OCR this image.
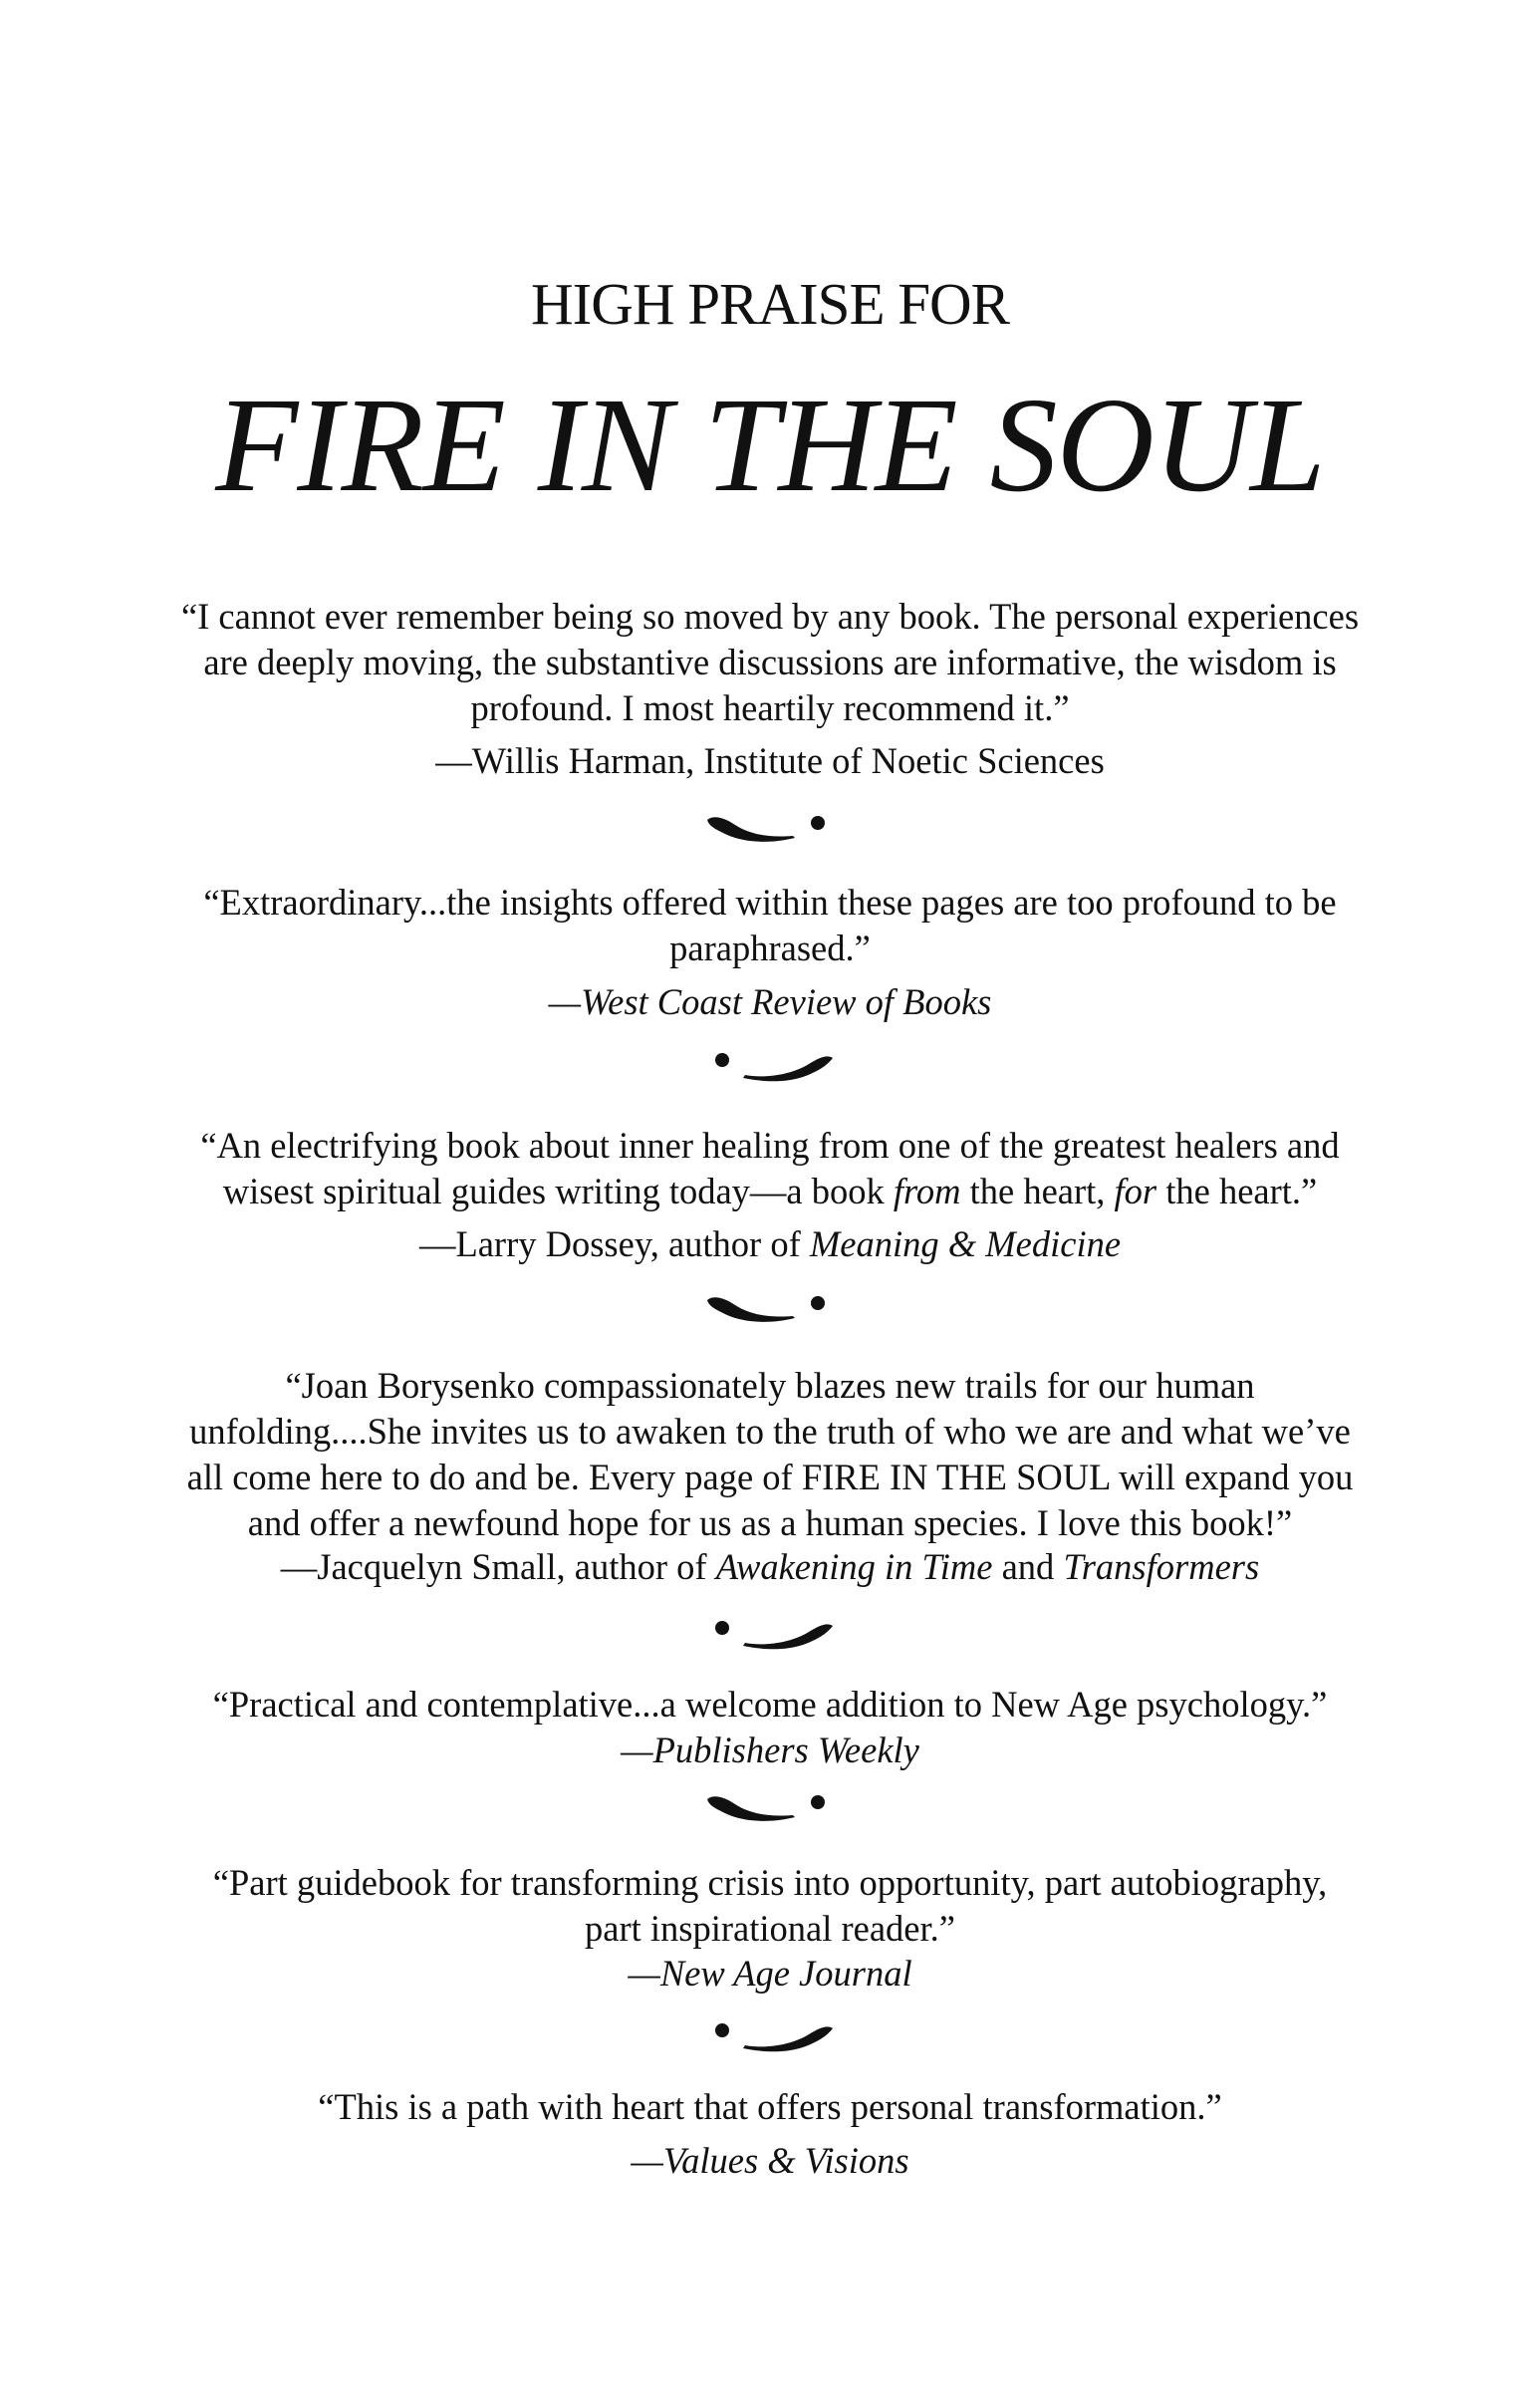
HIGH PRAISE FOR
FIRE IN THE SOUL
“I cannot ever remember being so moved by any book. The personal experiences
are deeply moving, the substantive discussions are informative, the wisdom is
profound. I most heartily recommend it.”
—Willis Harman, Institute of Noetic Sciences
“Extraordinary...the insights offered within these pages are too profound to be
paraphrased.”
—West Coast Review of Books
“An electrifying book about inner healing from one of the greatest healers and
wisest spiritual guides writing today—a book from the heart, for the heart.”
—Larry Dossey, author of Meaning & Medicine
“Joan Borysenko compassionately blazes new trails for our human
unfolding....She invites us to awaken to the truth of who we are and what we’ve
all come here to do and be. Every page of FIRE IN THE SOUL will expand you
and offer a newfound hope for us as a human species. I love this book!”
—Jacquelyn Small, author of Awakening in Time and Transformers
“Practical and contemplative...a welcome addition to New Age psychology.”
—Publishers Weekly
“Part guidebook for transforming crisis into opportunity, part autobiography,
part inspirational reader.”
—New Age Journal
“This is a path with heart that offers personal transformation.”
—Values & Visions
